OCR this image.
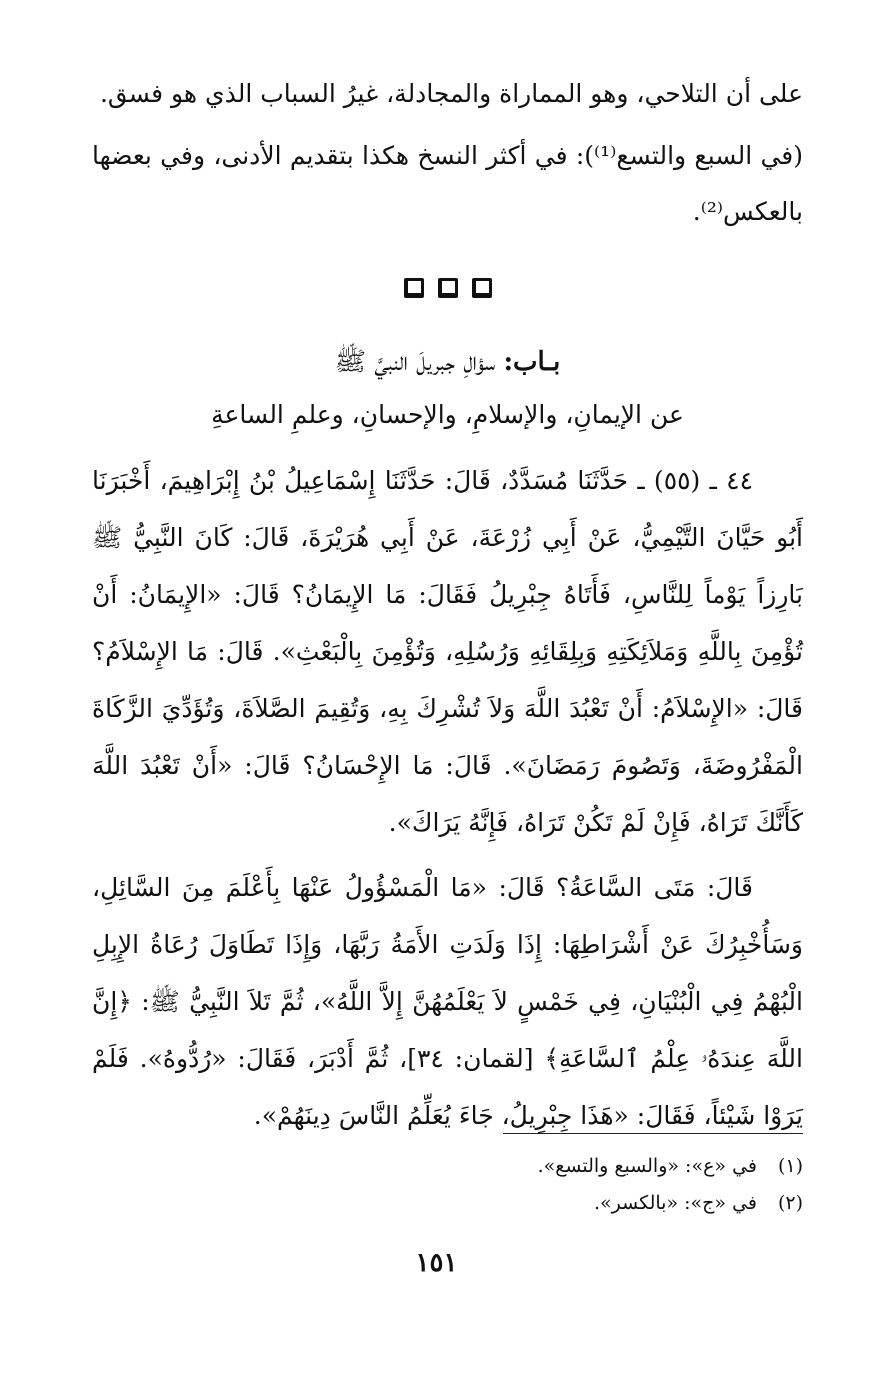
على أن التلاحي، وهو المماراة والمجادلة، غيرُ السباب الذي هو فسق.

(في السبع والتسع⁽¹⁾): في أكثر النسخ هكذا بتقديم الأدنى، وفي بعضها بالعكس⁽²⁾.

بـاب: سؤالِ جبريلَ النبيَّ ﷺ

عن الإيمانِ، والإسلامِ، والإحسانِ، وعلمِ الساعةِ

٤٤ ـ (٥٥) ـ حَدَّثَنَا مُسَدَّدٌ، قَالَ: حَدَّثَنَا إِسْمَاعِيلُ بْنُ إِبْرَاهِيمَ، أَخْبَرَنَا أَبُو حَيَّانَ التَّيْمِيُّ، عَنْ أَبِي زُرْعَةَ، عَنْ أَبِي هُرَيْرَةَ، قَالَ: كَانَ النَّبِيُّ ﷺ بَارِزاً يَوْماً لِلنَّاسِ، فَأَتَاهُ جِبْرِيلُ فَقَالَ: مَا الإِيمَانُ؟ قَالَ: «الإِيمَانُ: أَنْ تُؤْمِنَ بِاللَّهِ وَمَلاَئِكَتِهِ وَبِلِقَائِهِ وَرُسُلِهِ، وَتُؤْمِنَ بِالْبَعْثِ». قَالَ: مَا الإِسْلاَمُ؟ قَالَ: «الإِسْلاَمُ: أَنْ تَعْبُدَ اللَّهَ وَلاَ تُشْرِكَ بِهِ، وَتُقِيمَ الصَّلاَةَ، وَتُؤَدِّيَ الزَّكَاةَ الْمَفْرُوضَةَ، وَتَصُومَ رَمَضَانَ». قَالَ: مَا الإِحْسَانُ؟ قَالَ: «أَنْ تَعْبُدَ اللَّهَ كَأَنَّكَ تَرَاهُ، فَإِنْ لَمْ تَكُنْ تَرَاهُ، فَإِنَّهُ يَرَاكَ».

قَالَ: مَتَى السَّاعَةُ؟ قَالَ: «مَا الْمَسْؤُولُ عَنْهَا بِأَعْلَمَ مِنَ السَّائِلِ، وَسَأُخْبِرُكَ عَنْ أَشْرَاطِهَا: إِذَا وَلَدَتِ الأَمَةُ رَبَّهَا، وَإِذَا تَطَاوَلَ رُعَاةُ الإِبِلِ الْبُهْمُ فِي الْبُنْيَانِ، فِي خَمْسٍ لاَ يَعْلَمُهُنَّ إِلاَّ اللَّهُ»، ثُمَّ تَلاَ النَّبِيُّ ﷺ: ﴿إِنَّ اللَّهَ عِندَهُۥ عِلْمُ ٱلسَّاعَةِ﴾ [لقمان: ٣٤]، ثُمَّ أَدْبَرَ، فَقَالَ: «رُدُّوهُ». فَلَمْ يَرَوْا شَيْئاً، فَقَالَ: «هَذَا جِبْرِيلُ، جَاءَ يُعَلِّمُ النَّاسَ دِينَهُمْ».

(١)في «ع»: «والسبع والتسع».

(٢)في «ج»: «بالكسر».

١٥١
